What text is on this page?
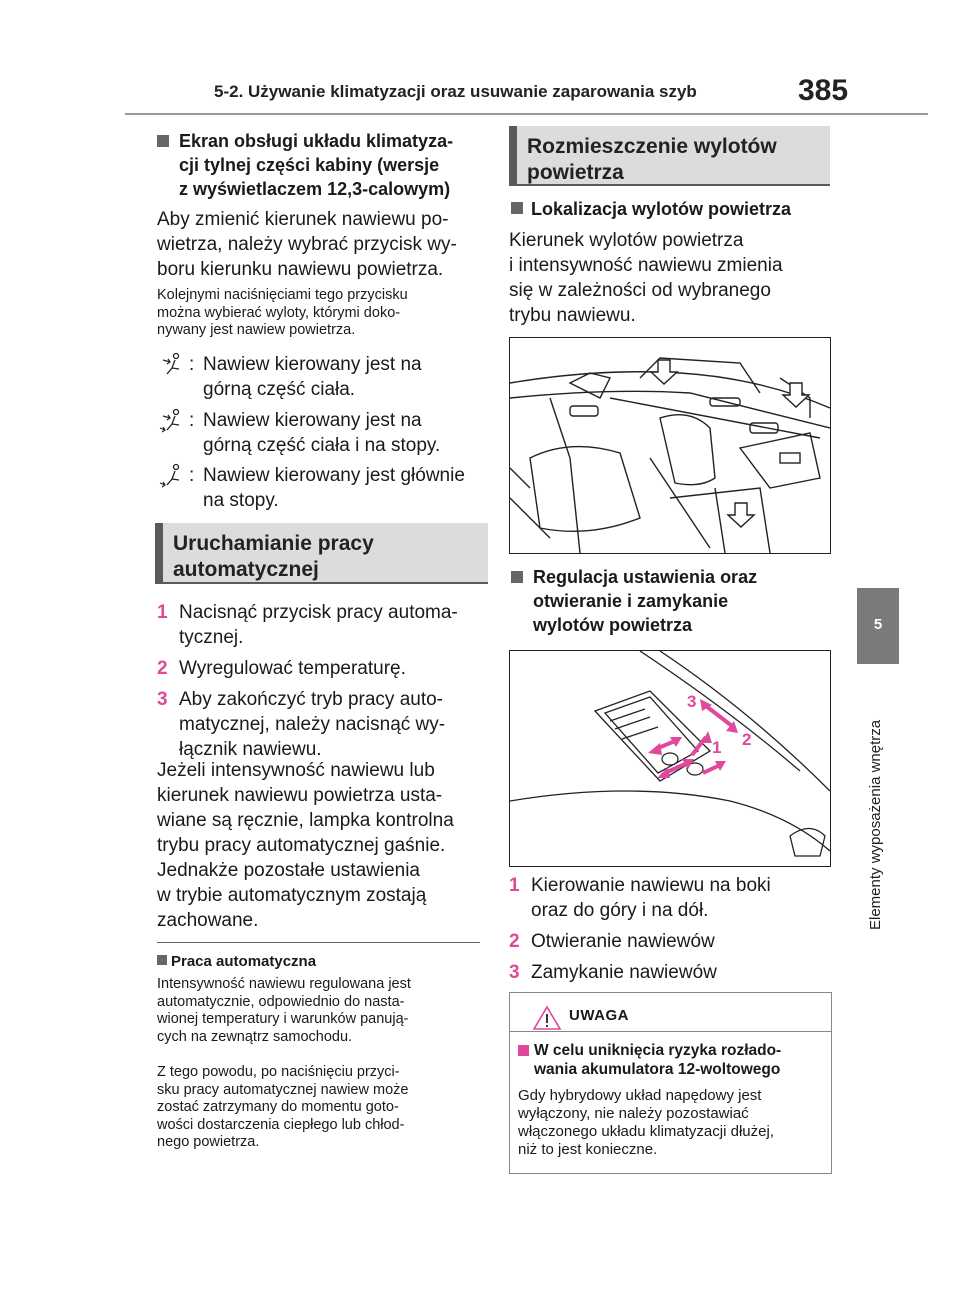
5-2. Używanie klimatyzacji oraz usuwanie zaparowania szyb	385
5
Elementy wyposażenia wnętrza
Ekran obsługi układu klimatyza-
cji tylnej części kabiny (wersje
z wyświetlaczem 12,3-calowym)
Aby zmienić kierunek nawiewu po-
wietrza, należy wybrać przycisk wy-
boru kierunku nawiewu powietrza.
Kolejnymi naciśnięciami tego przycisku
można wybierać wyloty, którymi doko-
nywany jest nawiew powietrza.
: Nawiew kierowany jest na
górną część ciała.
: Nawiew kierowany jest na
górną część ciała i na stopy.
: Nawiew kierowany jest głównie
na stopy.
Uruchamianie pracy
automatycznej
1 Nacisnąć przycisk pracy automa-
tycznej.
2 Wyregulować temperaturę.
3 Aby zakończyć tryb pracy auto-
matycznej, należy nacisnąć wy-
łącznik nawiewu.
Jeżeli intensywność nawiewu lub
kierunek nawiewu powietrza usta-
wiane są ręcznie, lampka kontrolna
trybu pracy automatycznej gaśnie.
Jednakże pozostałe ustawienia
w trybie automatycznym zostają
zachowane.
Praca automatyczna
Intensywność nawiewu regulowana jest
automatycznie, odpowiednio do nasta-
wionej temperatury i warunków panują-
cych na zewnątrz samochodu.
Z tego powodu, po naciśnięciu przyci-
sku pracy automatycznej nawiew może
zostać zatrzymany do momentu goto-
wości dostarczenia ciepłego lub chłod-
nego powietrza.
Rozmieszczenie wylotów
powietrza
Lokalizacja wylotów powietrza
Kierunek wylotów powietrza
i intensywność nawiewu zmienia
się w zależności od wybranego
trybu nawiewu.
Regulacja ustawienia oraz
otwieranie i zamykanie
wylotów powietrza
3
2
1
1 Kierowanie nawiewu na boki
oraz do góry i na dół.
2 Otwieranie nawiewów
3 Zamykanie nawiewów
UWAGA
W celu uniknięcia ryzyka rozłado-
wania akumulatora 12-woltowego
Gdy hybrydowy układ napędowy jest
wyłączony, nie należy pozostawiać
włączonego układu klimatyzacji dłużej,
niż to jest konieczne.
